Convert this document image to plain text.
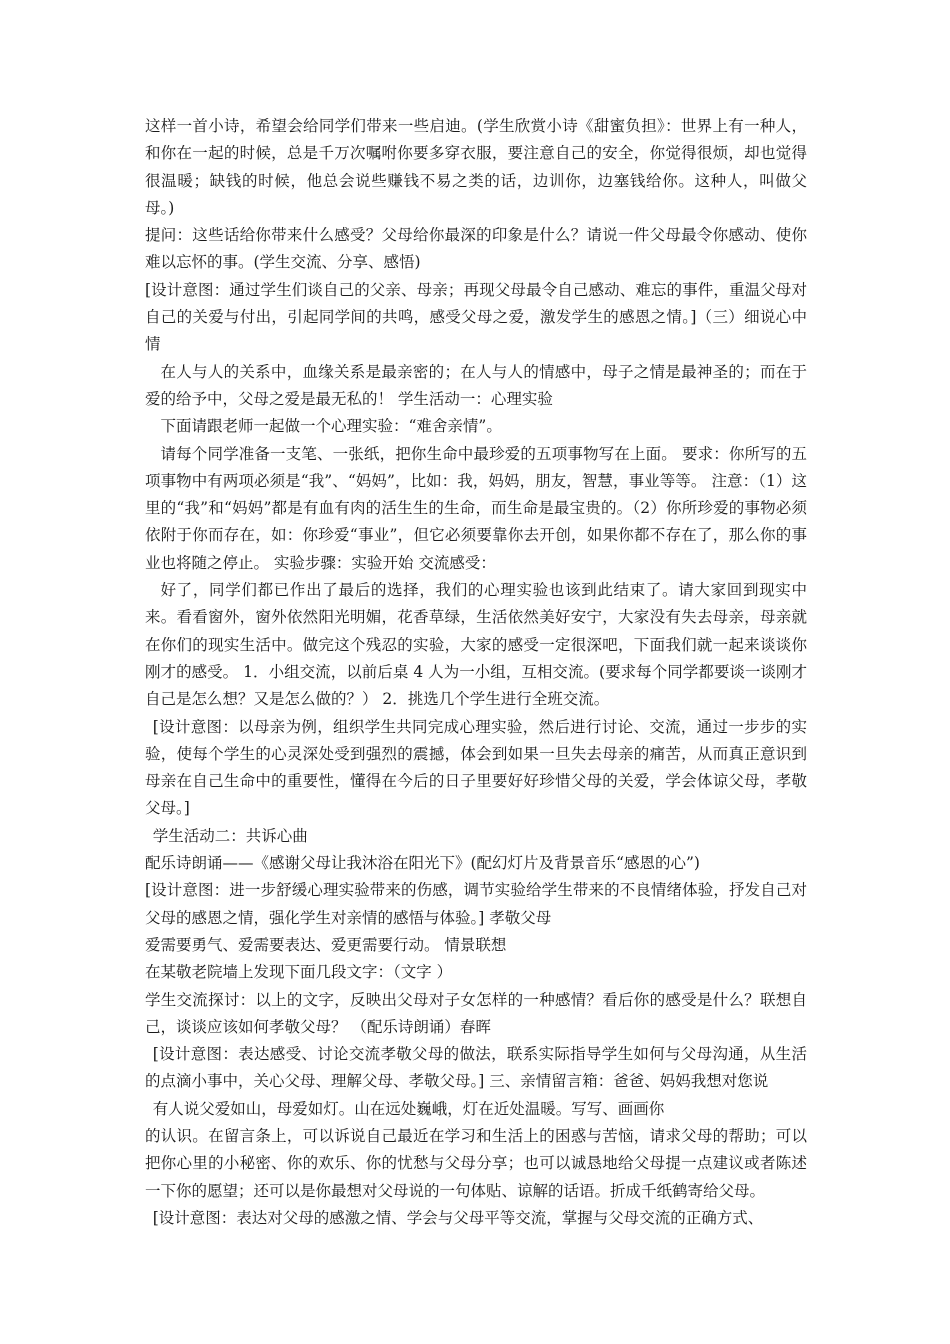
这样一首小诗，希望会给同学们带来一些启迪。(学生欣赏小诗《甜蜜负担》：世界上有一种人，和你在一起的时候，总是千万次嘱咐你要多穿衣服，要注意自己的安全，你觉得很烦，却也觉得很温暖；缺钱的时候，他总会说些赚钱不易之类的话，边训你，边塞钱给你。这种人，叫做父母。)

提问：这些话给你带来什么感受？父母给你最深的印象是什么？请说一件父母最令你感动、使你难以忘怀的事。(学生交流、分享、感悟)

[设计意图：通过学生们谈自己的父亲、母亲；再现父母最令自己感动、难忘的事件，重温父母对自己的关爱与付出，引起同学间的共鸣，感受父母之爱，激发学生的感恩之情。]（三）细说心中情

在人与人的关系中，血缘关系是最亲密的；在人与人的情感中，母子之情是最神圣的；而在于爱的给予中，父母之爱是最无私的！ 学生活动一：心理实验

下面请跟老师一起做一个心理实验：“难舍亲情”。

请每个同学准备一支笔、一张纸，把你生命中最珍爱的五项事物写在上面。 要求：你所写的五项事物中有两项必须是“我”、“妈妈”，比如：我，妈妈，朋友，智慧，事业等等。 注意：（1）这里的“我”和“妈妈”都是有血有肉的活生生的生命，而生命是最宝贵的。（2）你所珍爱的事物必须依附于你而存在，如：你珍爱“事业”，但它必须要靠你去开创，如果你都不存在了，那么你的事业也将随之停止。 实验步骤：实验开始 交流感受：

好了，同学们都已作出了最后的选择，我们的心理实验也该到此结束了。请大家回到现实中来。看看窗外，窗外依然阳光明媚，花香草绿，生活依然美好安宁，大家没有失去母亲，母亲就在你们的现实生活中。做完这个残忍的实验，大家的感受一定很深吧，下面我们就一起来谈谈你刚才的感受。 1．小组交流，以前后桌 4 人为一小组，互相交流。(要求每个同学都要谈一谈刚才自己是怎么想？又是怎么做的？） 2．挑选几个学生进行全班交流。

[设计意图：以母亲为例，组织学生共同完成心理实验，然后进行讨论、交流，通过一步步的实验，使每个学生的心灵深处受到强烈的震撼，体会到如果一旦失去母亲的痛苦，从而真正意识到母亲在自己生命中的重要性，懂得在今后的日子里要好好珍惜父母的关爱，学会体谅父母，孝敬父母。]

学生活动二：共诉心曲

配乐诗朗诵——《感谢父母让我沐浴在阳光下》(配幻灯片及背景音乐“感恩的心”)

[设计意图：进一步舒缓心理实验带来的伤感，调节实验给学生带来的不良情绪体验，抒发自己对父母的感恩之情，强化学生对亲情的感悟与体验。] 孝敬父母

爱需要勇气、爱需要表达、爱更需要行动。 情景联想

在某敬老院墙上发现下面几段文字：（文字 ）

学生交流探讨：以上的文字，反映出父母对子女怎样的一种感情？看后你的感受是什么？联想自己，谈谈应该如何孝敬父母？ （配乐诗朗诵）春晖

[设计意图：表达感受、讨论交流孝敬父母的做法，联系实际指导学生如何与父母沟通，从生活的点滴小事中，关心父母、理解父母、孝敬父母。] 三、亲情留言箱：爸爸、妈妈我想对您说

有人说父爱如山，母爱如灯。山在远处巍峨，灯在近处温暖。写写、画画你

的认识。在留言条上，可以诉说自己最近在学习和生活上的困惑与苦恼，请求父母的帮助；可以把你心里的小秘密、你的欢乐、你的忧愁与父母分享；也可以诚恳地给父母提一点建议或者陈述一下你的愿望；还可以是你最想对父母说的一句体贴、谅解的话语。折成千纸鹤寄给父母。

[设计意图：表达对父母的感激之情、学会与父母平等交流，掌握与父母交流的正确方式、
